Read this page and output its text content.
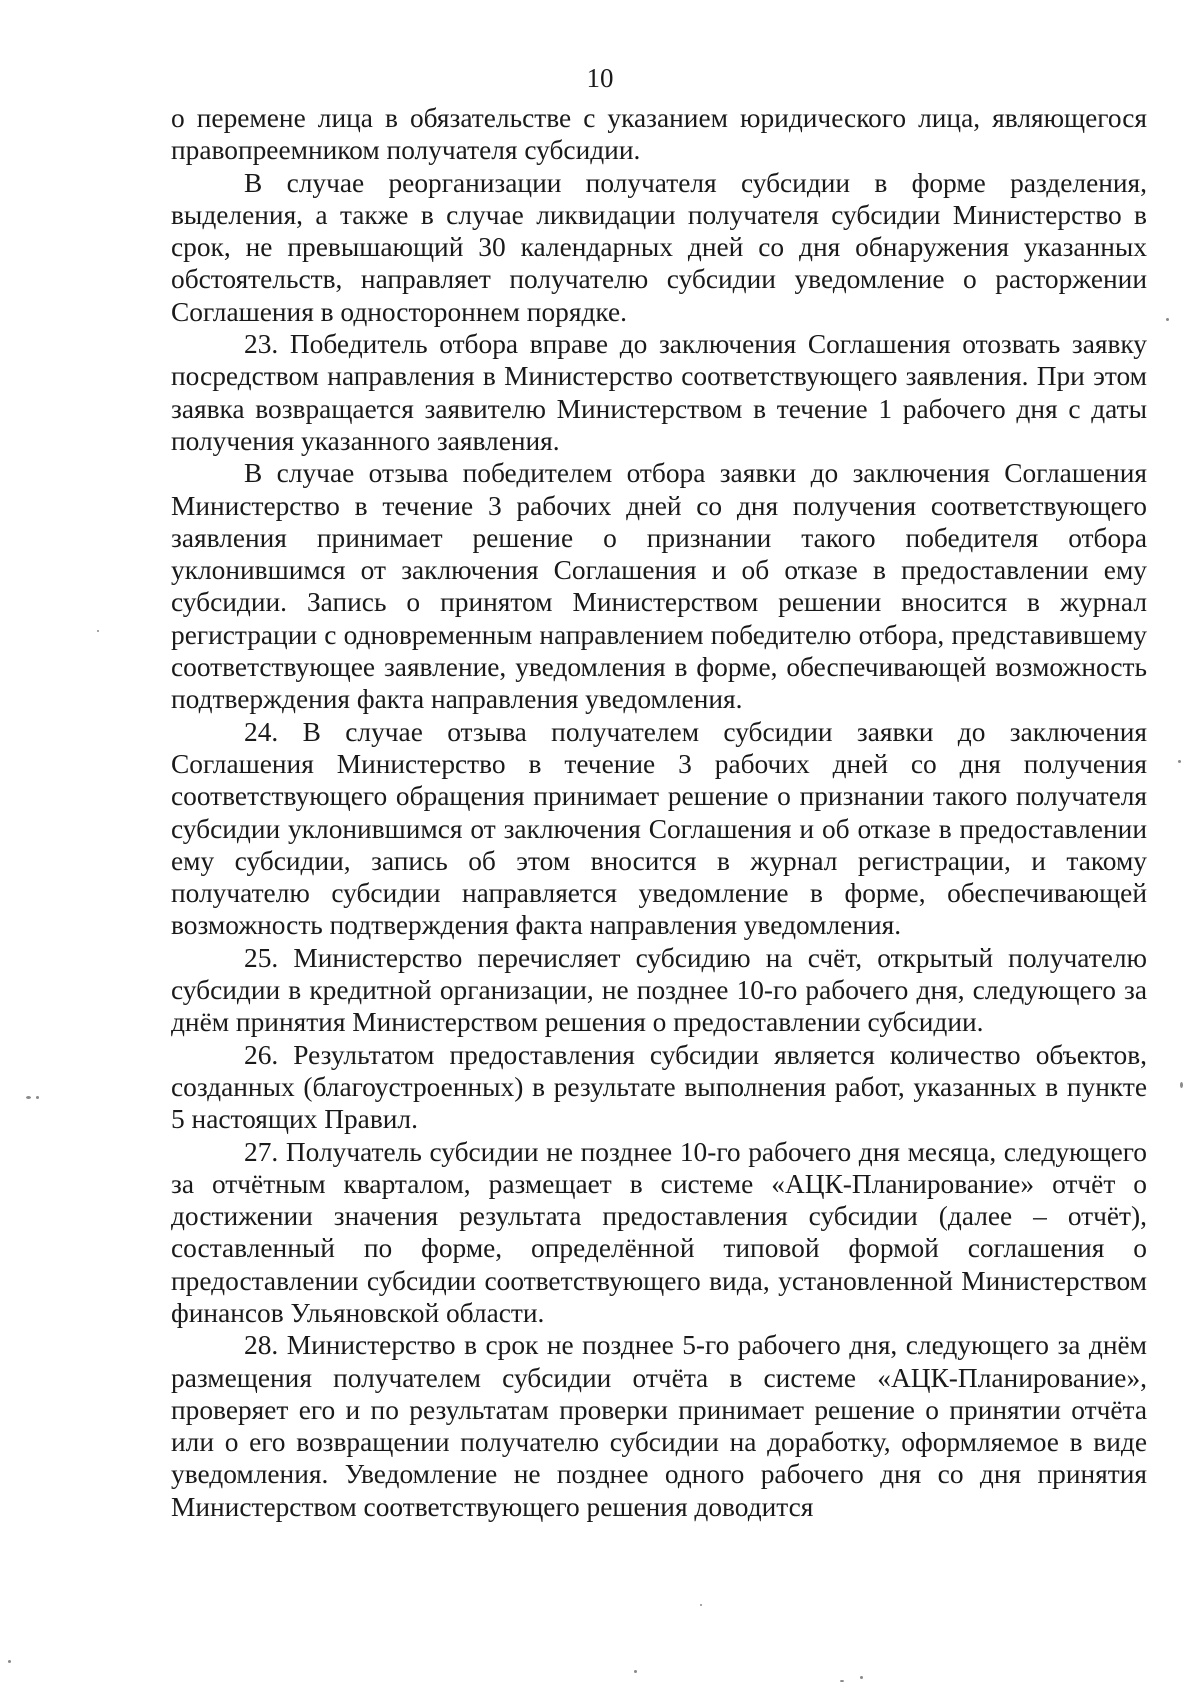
10

о перемене лица в обязательстве с указанием юридического лица, являющегося правопреемником получателя субсидии.

В случае реорганизации получателя субсидии в форме разделения, выделения, а также в случае ликвидации получателя субсидии Министерство в срок, не превышающий 30 календарных дней со дня обнаружения указанных обстоятельств, направляет получателю субсидии уведомление о расторжении Соглашения в одностороннем порядке.

23. Победитель отбора вправе до заключения Соглашения отозвать заявку посредством направления в Министерство соответствующего заявления. При этом заявка возвращается заявителю Министерством в течение 1 рабочего дня с даты получения указанного заявления.

В случае отзыва победителем отбора заявки до заключения Соглашения Министерство в течение 3 рабочих дней со дня получения соответствующего заявления принимает решение о признании такого победителя отбора уклонившимся от заключения Соглашения и об отказе в предоставлении ему субсидии. Запись о принятом Министерством решении вносится в журнал регистрации с одновременным направлением победителю отбора, представившему соответствующее заявление, уведомления в форме, обеспечивающей возможность подтверждения факта направления уведомления.

24. В случае отзыва получателем субсидии заявки до заключения Соглашения Министерство в течение 3 рабочих дней со дня получения соответствующего обращения принимает решение о признании такого получателя субсидии уклонившимся от заключения Соглашения и об отказе в предоставлении ему субсидии, запись об этом вносится в журнал регистрации, и такому получателю субсидии направляется уведомление в форме, обеспечивающей возможность подтверждения факта направления уведомления.

25. Министерство перечисляет субсидию на счёт, открытый получателю субсидии в кредитной организации, не позднее 10-го рабочего дня, следующего за днём принятия Министерством решения о предоставлении субсидии.

26. Результатом предоставления субсидии является количество объектов, созданных (благоустроенных) в результате выполнения работ, указанных в пункте 5 настоящих Правил.

27. Получатель субсидии не позднее 10-го рабочего дня месяца, следующего за отчётным кварталом, размещает в системе «АЦК-Планирование» отчёт о достижении значения результата предоставления субсидии (далее – отчёт), составленный по форме, определённой типовой формой соглашения о предоставлении субсидии соответствующего вида, установленной Министерством финансов Ульяновской области.

28. Министерство в срок не позднее 5-го рабочего дня, следующего за днём размещения получателем субсидии отчёта в системе «АЦК-Планирование», проверяет его и по результатам проверки принимает решение о принятии отчёта или о его возвращении получателю субсидии на доработку, оформляемое в виде уведомления. Уведомление не позднее одного рабочего дня со дня принятия Министерством соответствующего решения доводится
